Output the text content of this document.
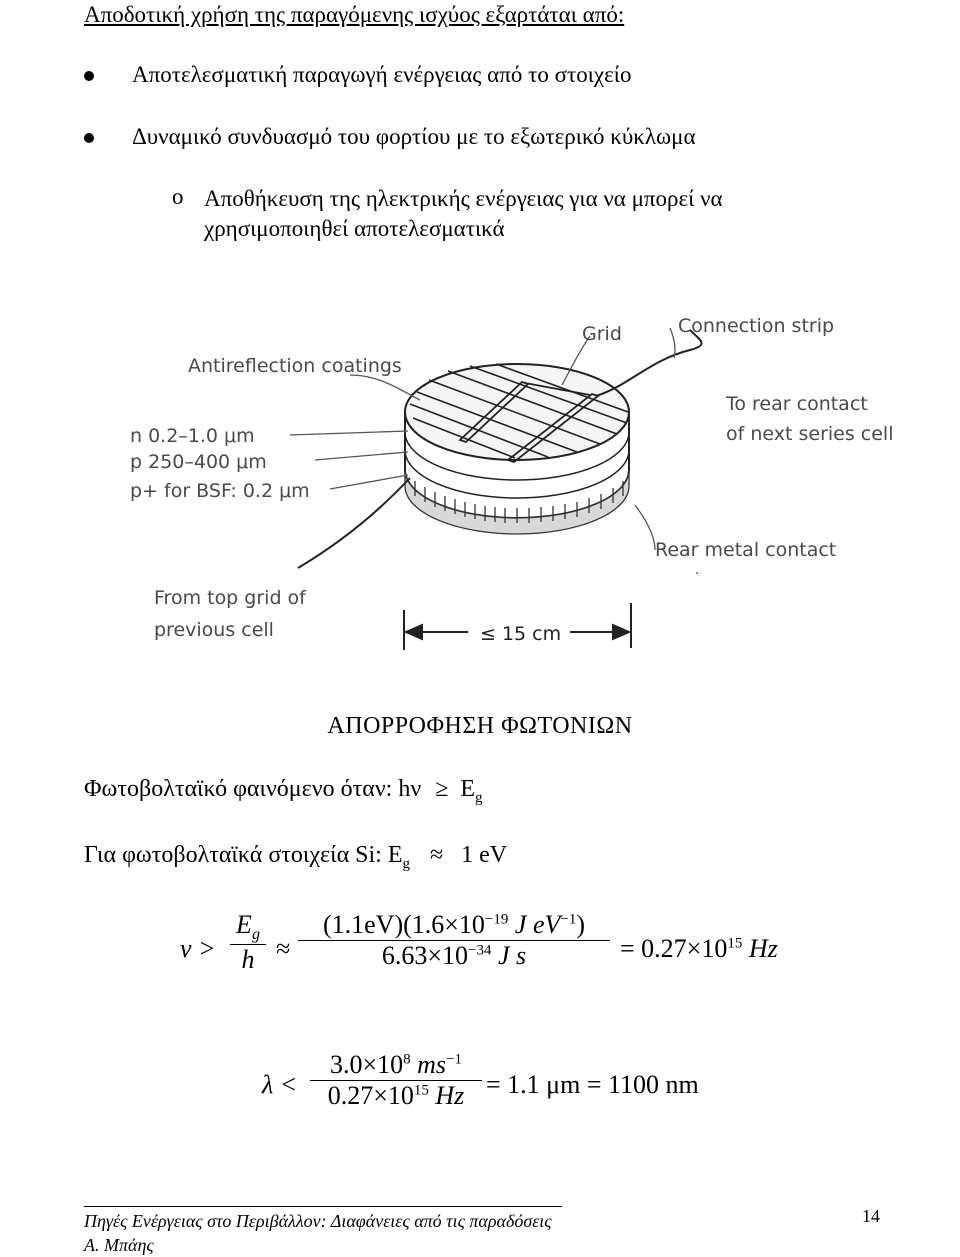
Αποδοτική χρήση της παραγόμενης ισχύος εξαρτάται από:
Αποτελεσματική παραγωγή ενέργειας από το στοιχείο
Δυναμικό συνδυασμό του φορτίου με το εξωτερικό κύκλωμα
o Αποθήκευση της ηλεκτρικής ενέργειας για να μπορεί να
χρησιμοποιηθεί αποτελεσματικά
Grid	Connection strip
Antireflection coatings
To rear contact
of next series cell
n 0.2–1.0 μm
p 250–400 μm
p+ for BSF: 0.2 μm
Rear metal contact
From top grid of
previous cell	≤ 15 cm
·
ΑΠΟΡΡΟΦΗΣΗ ΦΩΤΟΝΙΩΝ
Φωτοβολταϊκό φαινόμενο όταν: $h\nu \ge E_g$
Για φωτοβολταϊκά στοιχεία Si: $E_g \approx 1$ eV
ν >
$E_g$
h ≈
$(1.1eV)(1.6\times 10^{-19}$ J $eV^{-1}$)
$6.63\times 10^{-34}$ J s	= $0.27\times 10^{15}$ Hz
λ <
$3.0\times 10^8$ $ms^{-1}$
$0.27\times 10^{15}$ Hz = 1.1 μm = 1100 nm
Πηγές Ενέργειας στο Περιβάλλον: Διαφάνειες από τις παραδόσεις
Α. Μπάης
14
